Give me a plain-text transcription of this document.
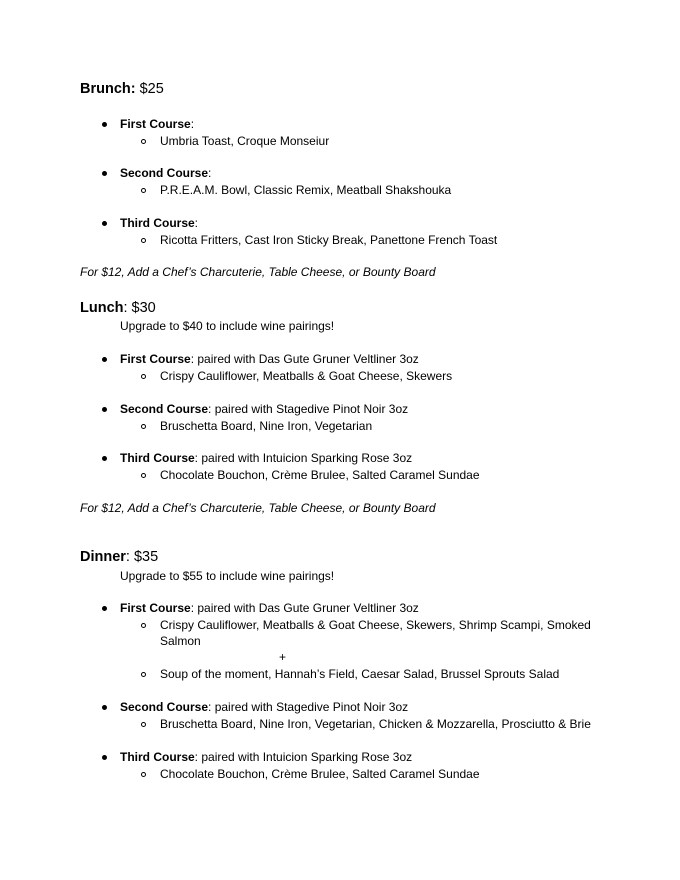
Brunch: $25
First Course:
Umbria Toast, Croque Monseiur
Second Course:
P.R.E.A.M. Bowl, Classic Remix, Meatball Shakshouka
Third Course:
Ricotta Fritters, Cast Iron Sticky Break, Panettone French Toast
For $12, Add a Chef’s Charcuterie, Table Cheese, or Bounty Board
Lunch: $30
Upgrade to $40 to include wine pairings!
First Course: paired with Das Gute Gruner Veltliner 3oz
Crispy Cauliflower, Meatballs & Goat Cheese, Skewers
Second Course: paired with Stagedive Pinot Noir 3oz
Bruschetta Board, Nine Iron, Vegetarian
Third Course: paired with Intuicion Sparking Rose 3oz
Chocolate Bouchon, Crème Brulee, Salted Caramel Sundae
For $12, Add a Chef’s Charcuterie, Table Cheese, or Bounty Board
Dinner: $35
Upgrade to $55 to include wine pairings!
First Course: paired with Das Gute Gruner Veltliner 3oz
Crispy Cauliflower, Meatballs & Goat Cheese, Skewers, Shrimp Scampi, Smoked
Salmon
+
Soup of the moment, Hannah’s Field, Caesar Salad, Brussel Sprouts Salad
Second Course: paired with Stagedive Pinot Noir 3oz
Bruschetta Board, Nine Iron, Vegetarian, Chicken & Mozzarella, Prosciutto & Brie
Third Course: paired with Intuicion Sparking Rose 3oz
Chocolate Bouchon, Crème Brulee, Salted Caramel Sundae
